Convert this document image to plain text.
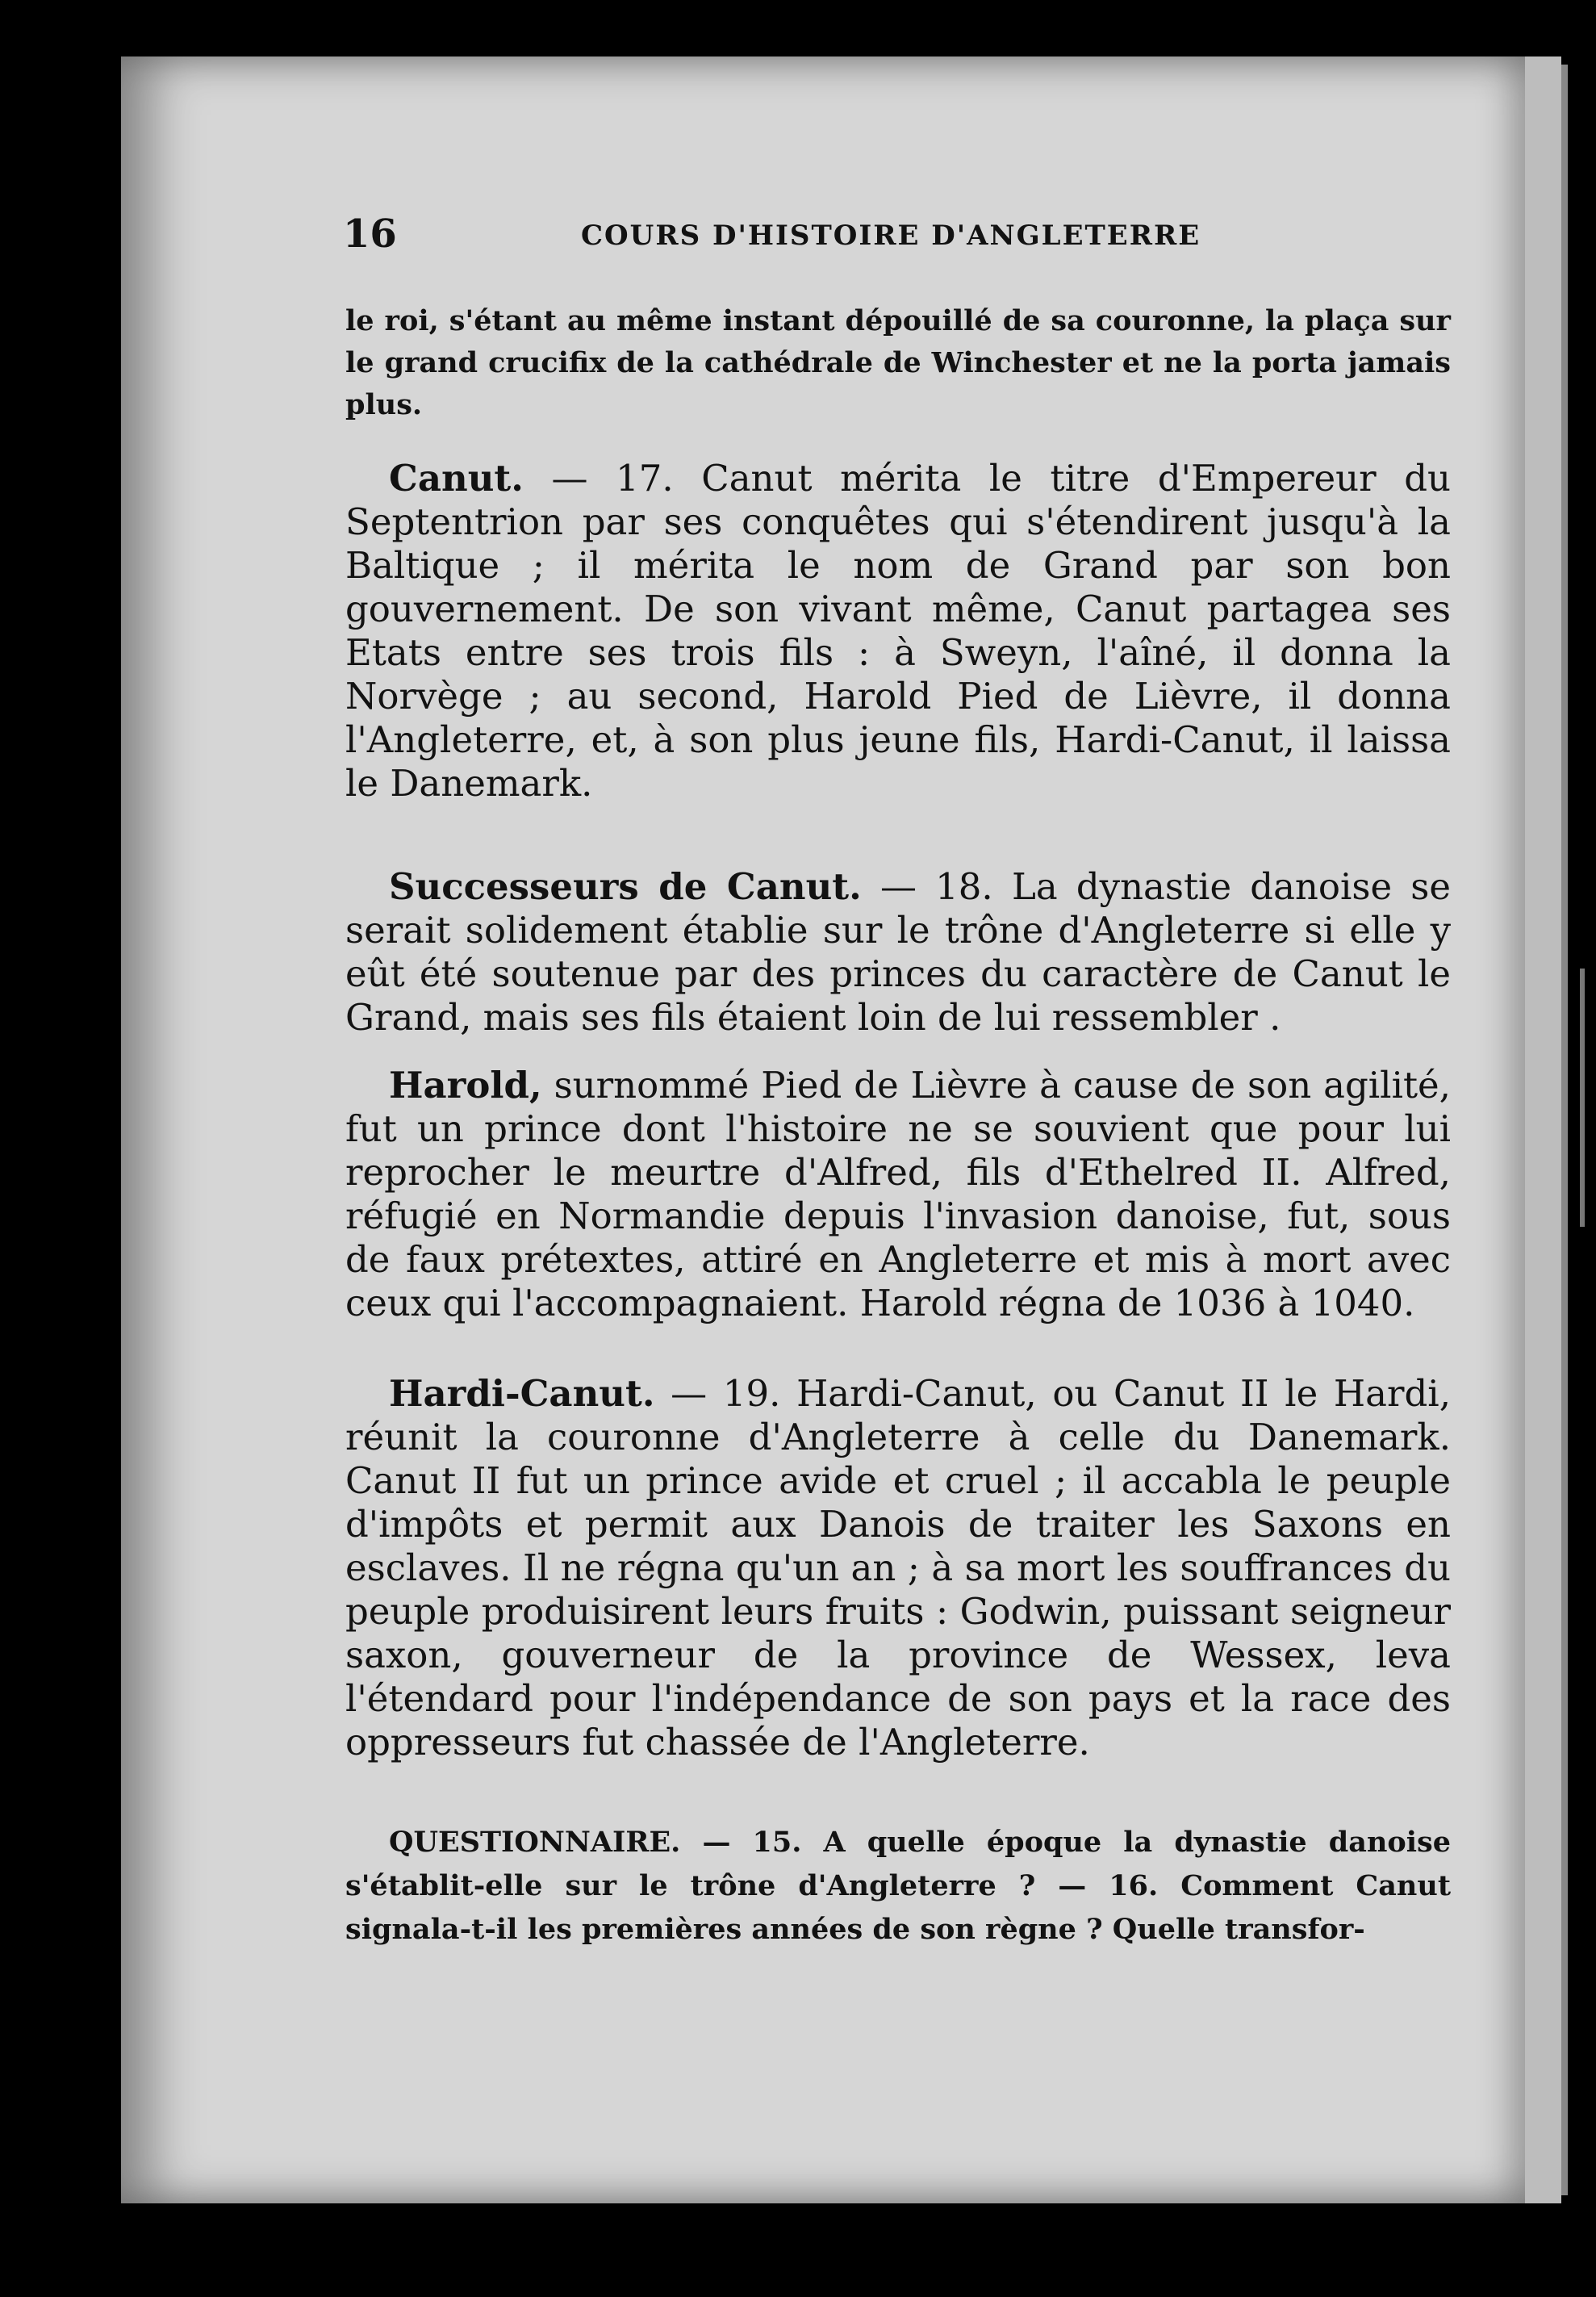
16	COURS D'HISTOIRE D'ANGLETERRE
le roi, s'étant au même instant dépouillé de sa couronne, la plaça sur le grand crucifix de la cathédrale de Winchester et ne la porta jamais plus.

Canut. — 17. Canut mérita le titre d'Empereur du Septentrion par ses conquêtes qui s'étendirent jusqu'à la Baltique ; il mérita le nom de Grand par son bon gouvernement. De son vivant même, Canut partagea ses Etats entre ses trois fils : à Sweyn, l'aîné, il donna la Norvège ; au second, Harold Pied de Lièvre, il donna l'Angleterre, et, à son plus jeune fils, Hardi-Canut, il laissa le Danemark.

Successeurs de Canut. — 18. La dynastie danoise se serait solidement établie sur le trône d'Angleterre si elle y eût été soutenue par des princes du caractère de Canut le Grand, mais ses fils étaient loin de lui ressembler .

Harold, surnommé Pied de Lièvre à cause de son agilité, fut un prince dont l'histoire ne se souvient que pour lui reprocher le meurtre d'Alfred, fils d'Ethelred II. Alfred, réfugié en Normandie depuis l'invasion danoise, fut, sous de faux prétextes, attiré en Angleterre et mis à mort avec ceux qui l'accompagnaient. Harold régna de 1036 à 1040.

Hardi-Canut. — 19. Hardi-Canut, ou Canut II le Hardi, réunit la couronne d'Angleterre à celle du Danemark. Canut II fut un prince avide et cruel ; il accabla le peuple d'impôts et permit aux Danois de traiter les Saxons en esclaves. Il ne régna qu'un an ; à sa mort les souffrances du peuple produisirent leurs fruits : Godwin, puissant seigneur saxon, gouverneur de la province de Wessex, leva l'étendard pour l'indépendance de son pays et la race des oppresseurs fut chassée de l'Angleterre.

QUESTIONNAIRE. — 15. A quelle époque la dynastie danoise s'établit-elle sur le trône d'Angleterre ? — 16. Comment Canut signala-t-il les premières années de son règne ? Quelle transfor-
